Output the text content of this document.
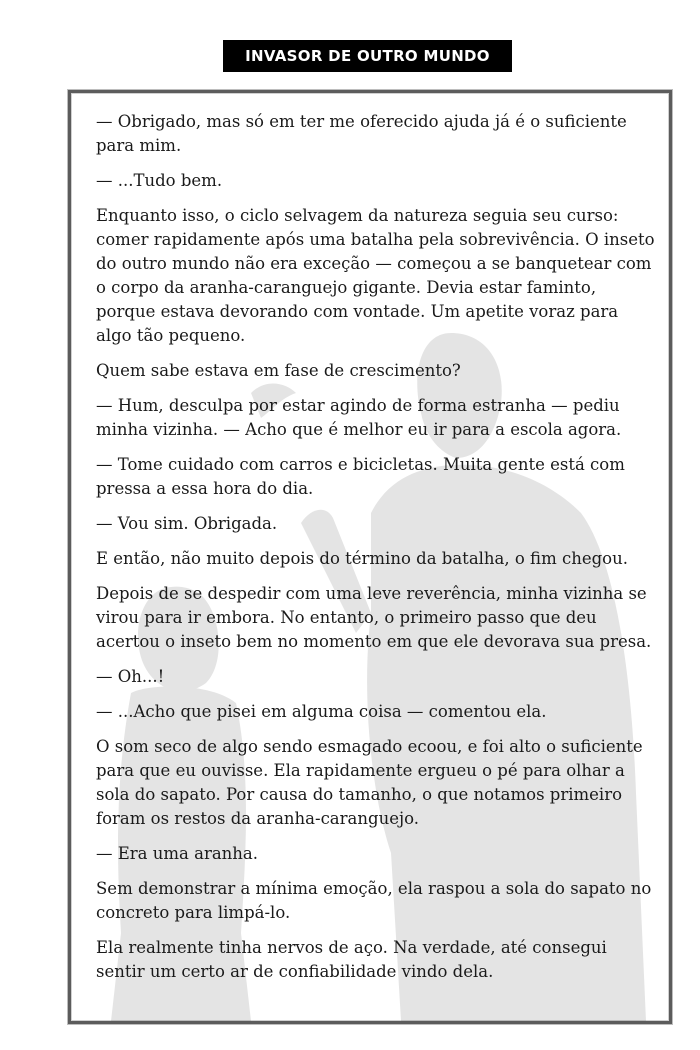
INVASOR DE OUTRO MUNDO

— Obrigado, mas só em ter me oferecido ajuda já é o suficiente para mim.

— ...Tudo bem.

Enquanto isso, o ciclo selvagem da natureza seguia seu curso: comer rapidamente após uma batalha pela sobrevivência. O inseto do outro mundo não era exceção — começou a se banquetear com o corpo da aranha-caranguejo gigante. Devia estar faminto, porque estava devorando com vontade. Um apetite voraz para algo tão pequeno.

Quem sabe estava em fase de crescimento?

— Hum, desculpa por estar agindo de forma estranha — pediu minha vizinha. — Acho que é melhor eu ir para a escola agora.

— Tome cuidado com carros e bicicletas. Muita gente está com pressa a essa hora do dia.

— Vou sim. Obrigada.

E então, não muito depois do término da batalha, o fim chegou.

Depois de se despedir com uma leve reverência, minha vizinha se virou para ir embora. No entanto, o primeiro passo que deu acertou o inseto bem no momento em que ele devorava sua presa.

— Oh...!

— ...Acho que pisei em alguma coisa — comentou ela.

O som seco de algo sendo esmagado ecoou, e foi alto o suficiente para que eu ouvisse. Ela rapidamente ergueu o pé para olhar a sola do sapato. Por causa do tamanho, o que notamos primeiro foram os restos da aranha-caranguejo.

— Era uma aranha.

Sem demonstrar a mínima emoção, ela raspou a sola do sapato no concreto para limpá-lo.

Ela realmente tinha nervos de aço. Na verdade, até consegui sentir um certo ar de confiabilidade vindo dela.
